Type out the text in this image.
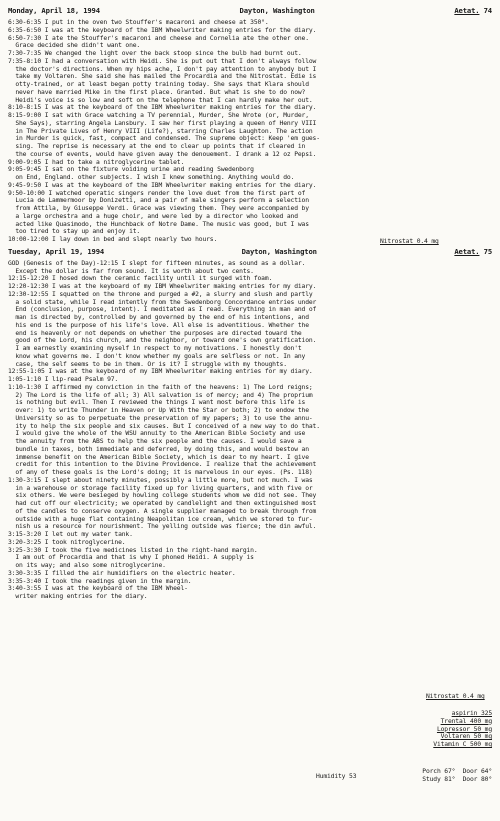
Monday, April 18, 1994	Dayton, Washington	Aetat. 74
6:30-6:35 I put in the oven two Stouffer's macaroni and cheese at 350°.
6:35-6:50 I was at the keyboard of the IBM Wheelwriter making entries for the diary.
6:50-7:30 I ate the Stouffer's macaroni and cheese and Cornelia ate the other one.
Grace decided she didn't want one.
7:30-7:35 We changed the light over the back stoop since the bulb had burnt out.
7:35-8:10 I had a conversation with Heidi. She is put out that I don't always follow
the doctor's directions. When my hips ache, I don't pay attention to anybody but I
take my Voltaren. She said she has mailed the Procardia and the Nitrostat. Edie is
otty-trained, or at least began potty training today. She says that Klara should
never have married Mike in the first place. Granted. But what is she to do now?
Heidi's voice is so low and soft on the telephone that I can hardly make her out.
8:10-8:15 I was at the keyboard of the IBM Wheelwriter making entries for the diary.
8:15-9:00 I sat with Grace watching a TV perennial, Murder, She Wrote (or, Murder,
She Says), starring Angela Lansbury. I saw her first playing a queen of Henry VIII
in The Private Lives of Henry VIII (Life?), starring Charles Laughton. The action
in Murder is quick, fast, compact and condensed. The supreme object: Keep 'em gues-
sing. The reprise is necessary at the end to clear up points that if cleared in
the course of events, would have given away the denouement. I drank a 12 oz Pepsi.
9:00-9:05 I had to take a nitroglycerine tablet.
9:05-9:45 I sat on the fixture voiding urine and reading Swedenborg
on End, England. other subjects. I wish I knew something. Anything would do.
9:45-9:50 I was at the keyboard of the IBM Wheelwriter making entries for the diary.
9:50-10:00 I watched operatic singers render the love duet from the first part of
Lucia de Lammermoor by Donizetti, and a pair of male singers perform a selection
from Attila, by Giuseppe Verdi. Grace was viewing them. They were accompanied by
a large orchestra and a huge choir, and were led by a director who looked and
acted like Quasimodo, the Hunchback of Notre Dame. The music was good, but I was
too tired to stay up and enjoy it.
10:00-12:00 I lay down in bed and slept nearly two hours.
Tuesday, April 19, 1994	Dayton, Washington	Aetat. 75
GOD (Genesis of the Day)-12:15 I slept for fifteen minutes, as sound as a dollar.
Except the dollar is far from sound. It is worth about two cents.
12:15-12:20 I hosed down the ceramic facility until it surged with foam.
12:20-12:30 I was at the keyboard of my IBM Wheelwriter making entries for my diary.
12:30-12:55 I squatted on the throne and purged a #2, a slurry and slush and partly
a solid state, while I read intently from the Swedenborg Concordance entries under
End (conclusion, purpose, intent). I meditated as I read. Everything in man and of
man is directed by, controlled by and governed by the end of his intentions, and
his end is the purpose of his life's love. All else is adventitious. Whether the
end is heavenly or not depends on whether the purposes are directed toward the
good of the Lord, his church, and the neighbor, or toward one's own gratification.
I am earnestly examining myself in respect to my motivations. I honestly don't
know what governs me. I don't know whether my goals are selfless or not. In any
case, the self seems to be in them. Or is it? I struggle with my thoughts.
12:55-1:05 I was at the keyboard of my IBM Wheelwriter making entries for my diary.
1:05-1:10 I lip-read Psalm 97.
1:10-1:30 I affirmed my conviction in the faith of the heavens: 1) The Lord reigns;
2) The Lord is the life of all; 3) All salvation is of mercy; and 4) The proprium
is nothing but evil. Then I reviewed the things I want most before this life is
over: 1) to write Thunder in Heaven or Up With the Star or both; 2) to endow the
University so as to perpetuate the preservation of my papers; 3) to use the annu-
ity to help the six people and six causes. But I conceived of a new way to do that.
I would give the whole of the WSU annuity to the American Bible Society and use
the annuity from the ABS to help the six people and the causes. I would save a
bundle in taxes, both immediate and deferred, by doing this, and would bestow an
immense benefit on the American Bible Society, which is dear to my heart. I give
credit for this intention to the Divine Providence. I realize that the achievement
of any of these goals is the Lord's doing; it is marvelous in our eyes. (Ps. 118)
1:30-3:15 I slept about ninety minutes, possibly a little more, but not much. I was
in a warehouse or storage facility fixed up for living quarters, and with five or
six others. We were besieged by howling college students whom we did not see. They
had cut off our electricity; we operated by candlelight and then extinguished most
of the candles to conserve oxygen. A single supplier managed to break through from
outside with a huge flat containing Neapolitan ice cream, which we stored to fur-
nish us a resource for nourishment. The yelling outside was fierce; the din awful.
3:15-3:20 I let out my water tank.
3:20-3:25 I took nitroglycerine.
3:25-3:30 I took the five medicines listed in the right-hand margin.
I am out of Procardia and that is why I phoned Heidi. A supply is
on its way; and also some nitroglycerine.
3:30-3:35 I filled the air humidifiers on the electric heater.
3:35-3:40 I took the readings given in the margin.
3:40-3:55 I was at the keyboard of the IBM Wheel-
writer making entries for the diary.
Nitrostat 0.4 mg
Nitrostat 0.4 mg
aspirin 325
Trental 400 mg
Lopressor 50 mg
Voltaren 50 mg
Vitamin C 500 mg
Humidity 53
Porch 67°  Door 64°
Study 81°  Door 80°
